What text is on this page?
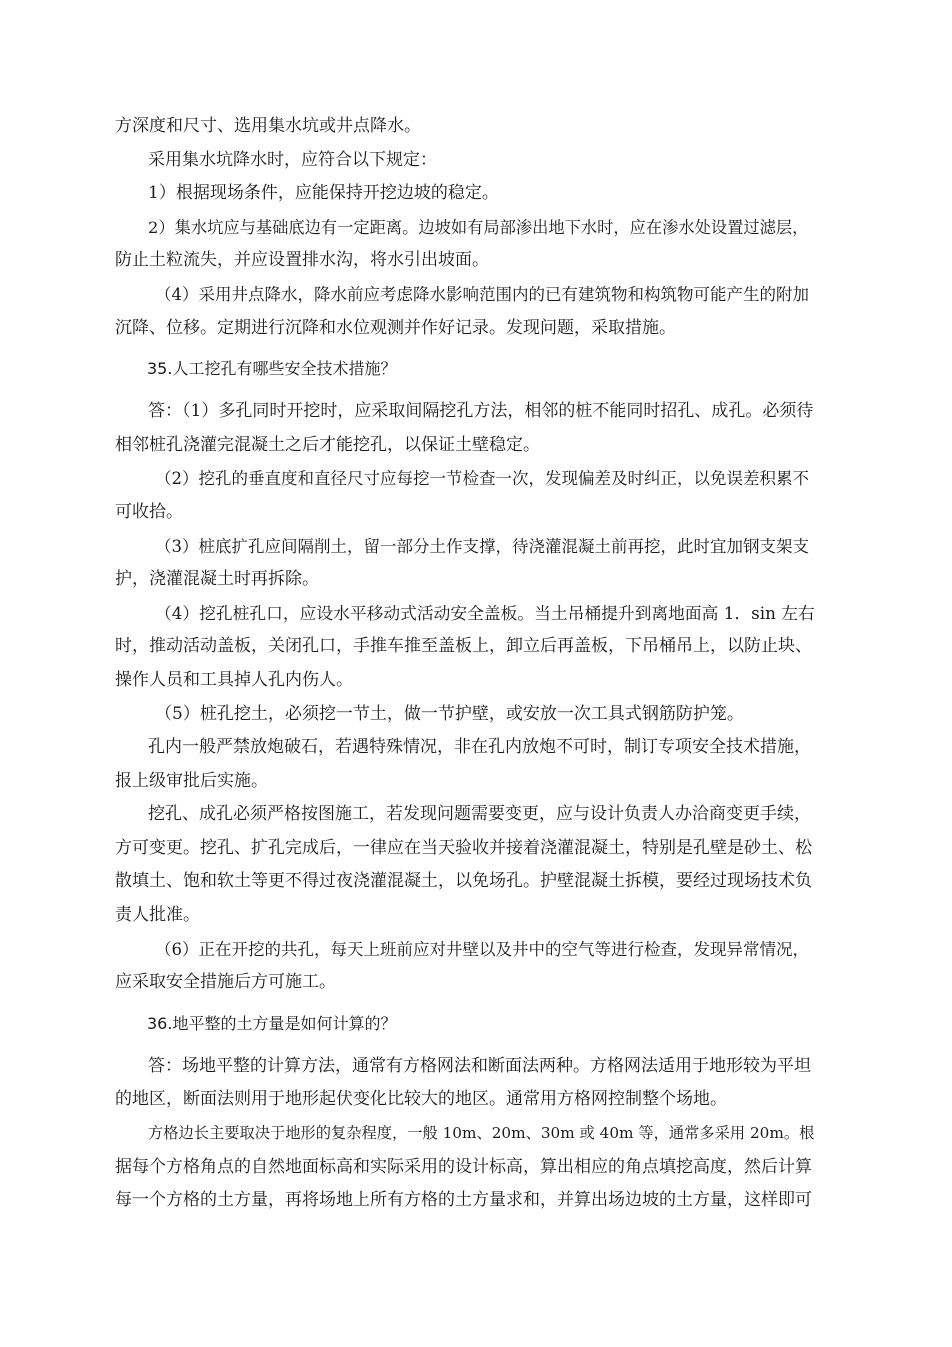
方深度和尺寸、选用集水坑或井点降水。
采用集水坑降水时，应符合以下规定：
1）根据现场条件，应能保持开挖边坡的稳定。
2）集水坑应与基础底边有一定距离。边坡如有局部渗出地下水时，应在渗水处设置过滤层，
防止土粒流失，并应设置排水沟，将水引出坡面。
（4）采用井点降水，降水前应考虑降水影响范围内的已有建筑物和构筑物可能产生的附加
沉降、位移。定期进行沉降和水位观测并作好记录。发现问题，采取措施。
35.人工挖孔有哪些安全技术措施？
答：（1）多孔同时开挖时，应采取间隔挖孔方法，相邻的桩不能同时招孔、成孔。必须待
相邻桩孔浇灌完混凝土之后才能挖孔，以保证土壁稳定。
（2）挖孔的垂直度和直径尺寸应每挖一节检查一次，发现偏差及时纠正，以免误差积累不
可收拾。
（3）桩底扩孔应间隔削土，留一部分土作支撑，待浇灌混凝土前再挖，此时宜加钢支架支
护，浇灌混凝土时再拆除。
（4）挖孔桩孔口，应设水平移动式活动安全盖板。当土吊桶提升到离地面高 1．sin 左右
时，推动活动盖板，关闭孔口，手推车推至盖板上，卸立后再盖板，下吊桶吊上，以防止块、
操作人员和工具掉人孔内伤人。
（5）桩孔挖土，必须挖一节土，做一节护壁，或安放一次工具式钢筋防护笼。
孔内一般严禁放炮破石，若遇特殊情况，非在孔内放炮不可时，制订专项安全技术措施，
报上级审批后实施。
挖孔、成孔必须严格按图施工，若发现问题需要变更，应与设计负责人办洽商变更手续，
方可变更。挖孔、扩孔完成后，一律应在当天验收并接着浇灌混凝土，特别是孔壁是砂土、松
散填土、饱和软土等更不得过夜浇灌混凝土，以免场孔。护壁混凝土拆模，要经过现场技术负
责人批准。
（6）正在开挖的共孔，每天上班前应对井壁以及井中的空气等进行检查，发现异常情况，
应采取安全措施后方可施工。
36.地平整的土方量是如何计算的？
答：场地平整的计算方法，通常有方格网法和断面法两种。方格网法适用于地形较为平坦
的地区，断面法则用于地形起伏变化比较大的地区。通常用方格网控制整个场地。
方格边长主要取决于地形的复杂程度，一般 10m、20m、30m 或 40m 等，通常多采用 20m。根
据每个方格角点的自然地面标高和实际采用的设计标高，算出相应的角点填挖高度，然后计算
每一个方格的土方量，再将场地上所有方格的土方量求和，并算出场边坡的土方量，这样即可
